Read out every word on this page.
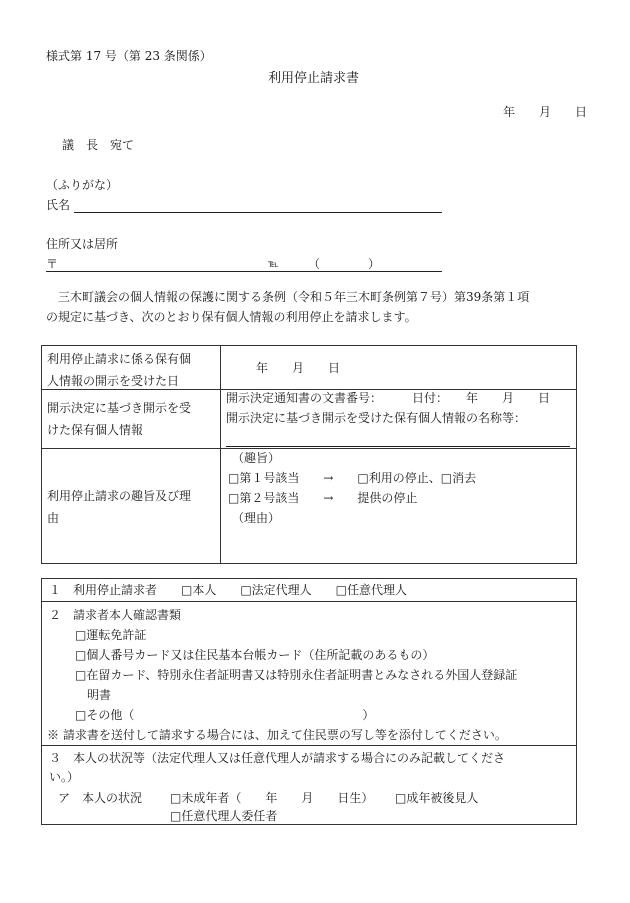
様式第 17 号（第 23 条関係）
利用停止請求書
年　　月　　日
議　長　宛て
（ふりがな）
氏名
住所又は居所
〒	℡ （　　　　）
　三木町議会の個人情報の保護に関する条例（令和５年三木町条例第７号）第39条第１項
の規定に基づき、次のとおり保有個人情報の利用停止を請求します。
利用停止請求に係る保有個
人情報の開示を受けた日
年　　月　　日
開示決定に基づき開示を受
けた保有個人情報
開示決定通知書の文書番号：　　　日付：　　年　　月　　日
開示決定に基づき開示を受けた保有個人情報の名称等：
利用停止請求の趣旨及び理
由
（趣旨）
□第１号該当　　→　　□利用の停止、□消去
□第２号該当　　→　　提供の停止
（理由）
１　利用停止請求者　　□本人　　□法定代理人　　□任意代理人
２　請求者本人確認書類
□運転免許証
□個人番号カード又は住民基本台帳カード（住所記載のあるもの）
□在留カード、特別永住者証明書又は特別永住者証明書とみなされる外国人登録証
明書
□その他（　　　　　　　　　　　　　　　　　　　）
※ 請求書を送付して請求する場合には、加えて住民票の写し等を添付してください。
３　本人の状況等（法定代理人又は任意代理人が請求する場合にのみ記載してくださ
い。）
ア　本人の状況 □未成年者（　　年　　月　　日生） □成年被後見人
□任意代理人委任者
